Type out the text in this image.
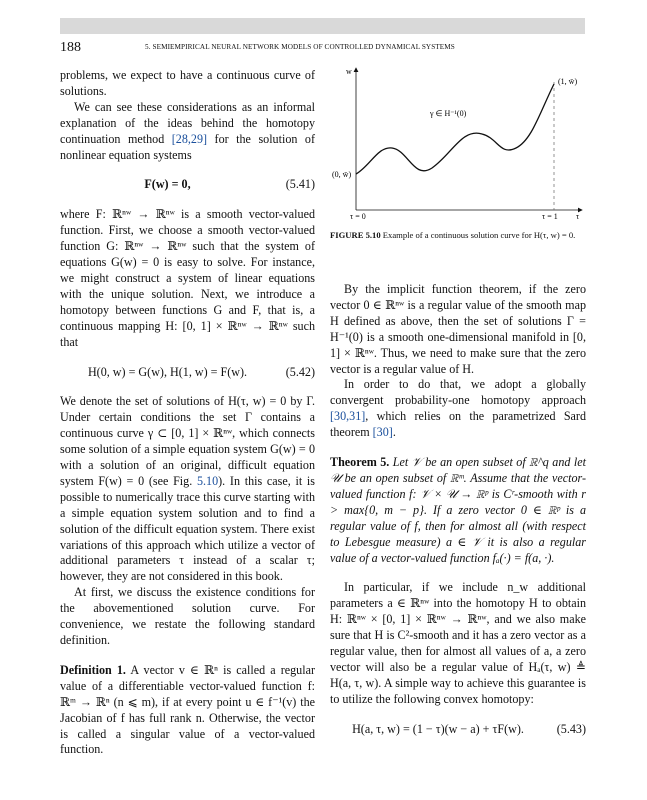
188	5. SEMIEMPIRICAL NEURAL NETWORK MODELS OF CONTROLLED DYNAMICAL SYSTEMS

problems, we expect to have a continuous curve of solutions.

We can see these considerations as an informal explanation of the ideas behind the homotopy continuation method [28,29] for the solution of nonlinear equation systems

F(w) = 0,	(5.41)

where F: ℝⁿʷ → ℝⁿʷ is a smooth vector-valued function. First, we choose a smooth vector-valued function G: ℝⁿʷ → ℝⁿʷ such that the system of equations G(w) = 0 is easy to solve. For instance, we might construct a system of linear equations with the unique solution. Next, we introduce a homotopy between functions G and F, that is, a continuous mapping H: [0, 1] × ℝⁿʷ → ℝⁿʷ such that

H(0, w) = G(w), H(1, w) = F(w).	(5.42)

We denote the set of solutions of H(τ, w) = 0 by Γ. Under certain conditions the set Γ contains a continuous curve γ ⊂ [0, 1] × ℝⁿʷ, which connects some solution of a simple equation system G(w) = 0 with a solution of an original, difficult equation system F(w) = 0 (see Fig. 5.10). In this case, it is possible to numerically trace this curve starting with a simple equation system solution and to find a solution of the difficult equation system. There exist variations of this approach which utilize a vector of additional parameters τ instead of a scalar τ; however, they are not considered in this book.

At first, we discuss the existence conditions for the abovementioned solution curve. For convenience, we restate the following standard definition.

Definition 1. A vector v ∈ ℝⁿ is called a regular value of a differentiable vector-valued function f: ℝᵐ → ℝⁿ (n ⩽ m), if at every point u ∈ f⁻¹(v) the Jacobian of f has full rank n. Otherwise, the vector is called a singular value of a vector-valued function.

w
(1, w̄)
γ ∈ H⁻¹(0)
(0, w̄)
τ = 0	τ = 1 τ
FIGURE 5.10 Example of a continuous solution curve for H(τ, w) = 0.

By the implicit function theorem, if the zero vector 0 ∈ ℝⁿʷ is a regular value of the smooth map H defined as above, then the set of solutions Γ = H⁻¹(0) is a smooth one-dimensional manifold in [0, 1] × ℝⁿʷ. Thus, we need to make sure that the zero vector is a regular value of H.

In order to do that, we adopt a globally convergent probability-one homotopy approach [30,31], which relies on the parametrized Sard theorem [30].

Theorem 5. Let 𝒱 be an open subset of ℝ^q and let 𝒰 be an open subset of ℝᵐ. Assume that the vector-valued function f: 𝒱 × 𝒰 → ℝᵖ is Cʳ-smooth with r > max{0, m − p}. If a zero vector 0 ∈ ℝᵖ is a regular value of f, then for almost all (with respect to Lebesgue measure) a ∈ 𝒱 it is also a regular value of a vector-valued function fₐ(·) = f(a, ·).

In particular, if we include n_w additional parameters a ∈ ℝⁿʷ into the homotopy H to obtain H: ℝⁿʷ × [0, 1] × ℝⁿʷ → ℝⁿʷ, and we also make sure that H is C²-smooth and it has a zero vector as a regular value, then for almost all values of a, a zero vector will also be a regular value of Hₐ(τ, w) ≜ H(a, τ, w). A simple way to achieve this guarantee is to utilize the following convex homotopy:

H(a, τ, w) = (1 − τ)(w − a) + τF(w).	(5.43)
